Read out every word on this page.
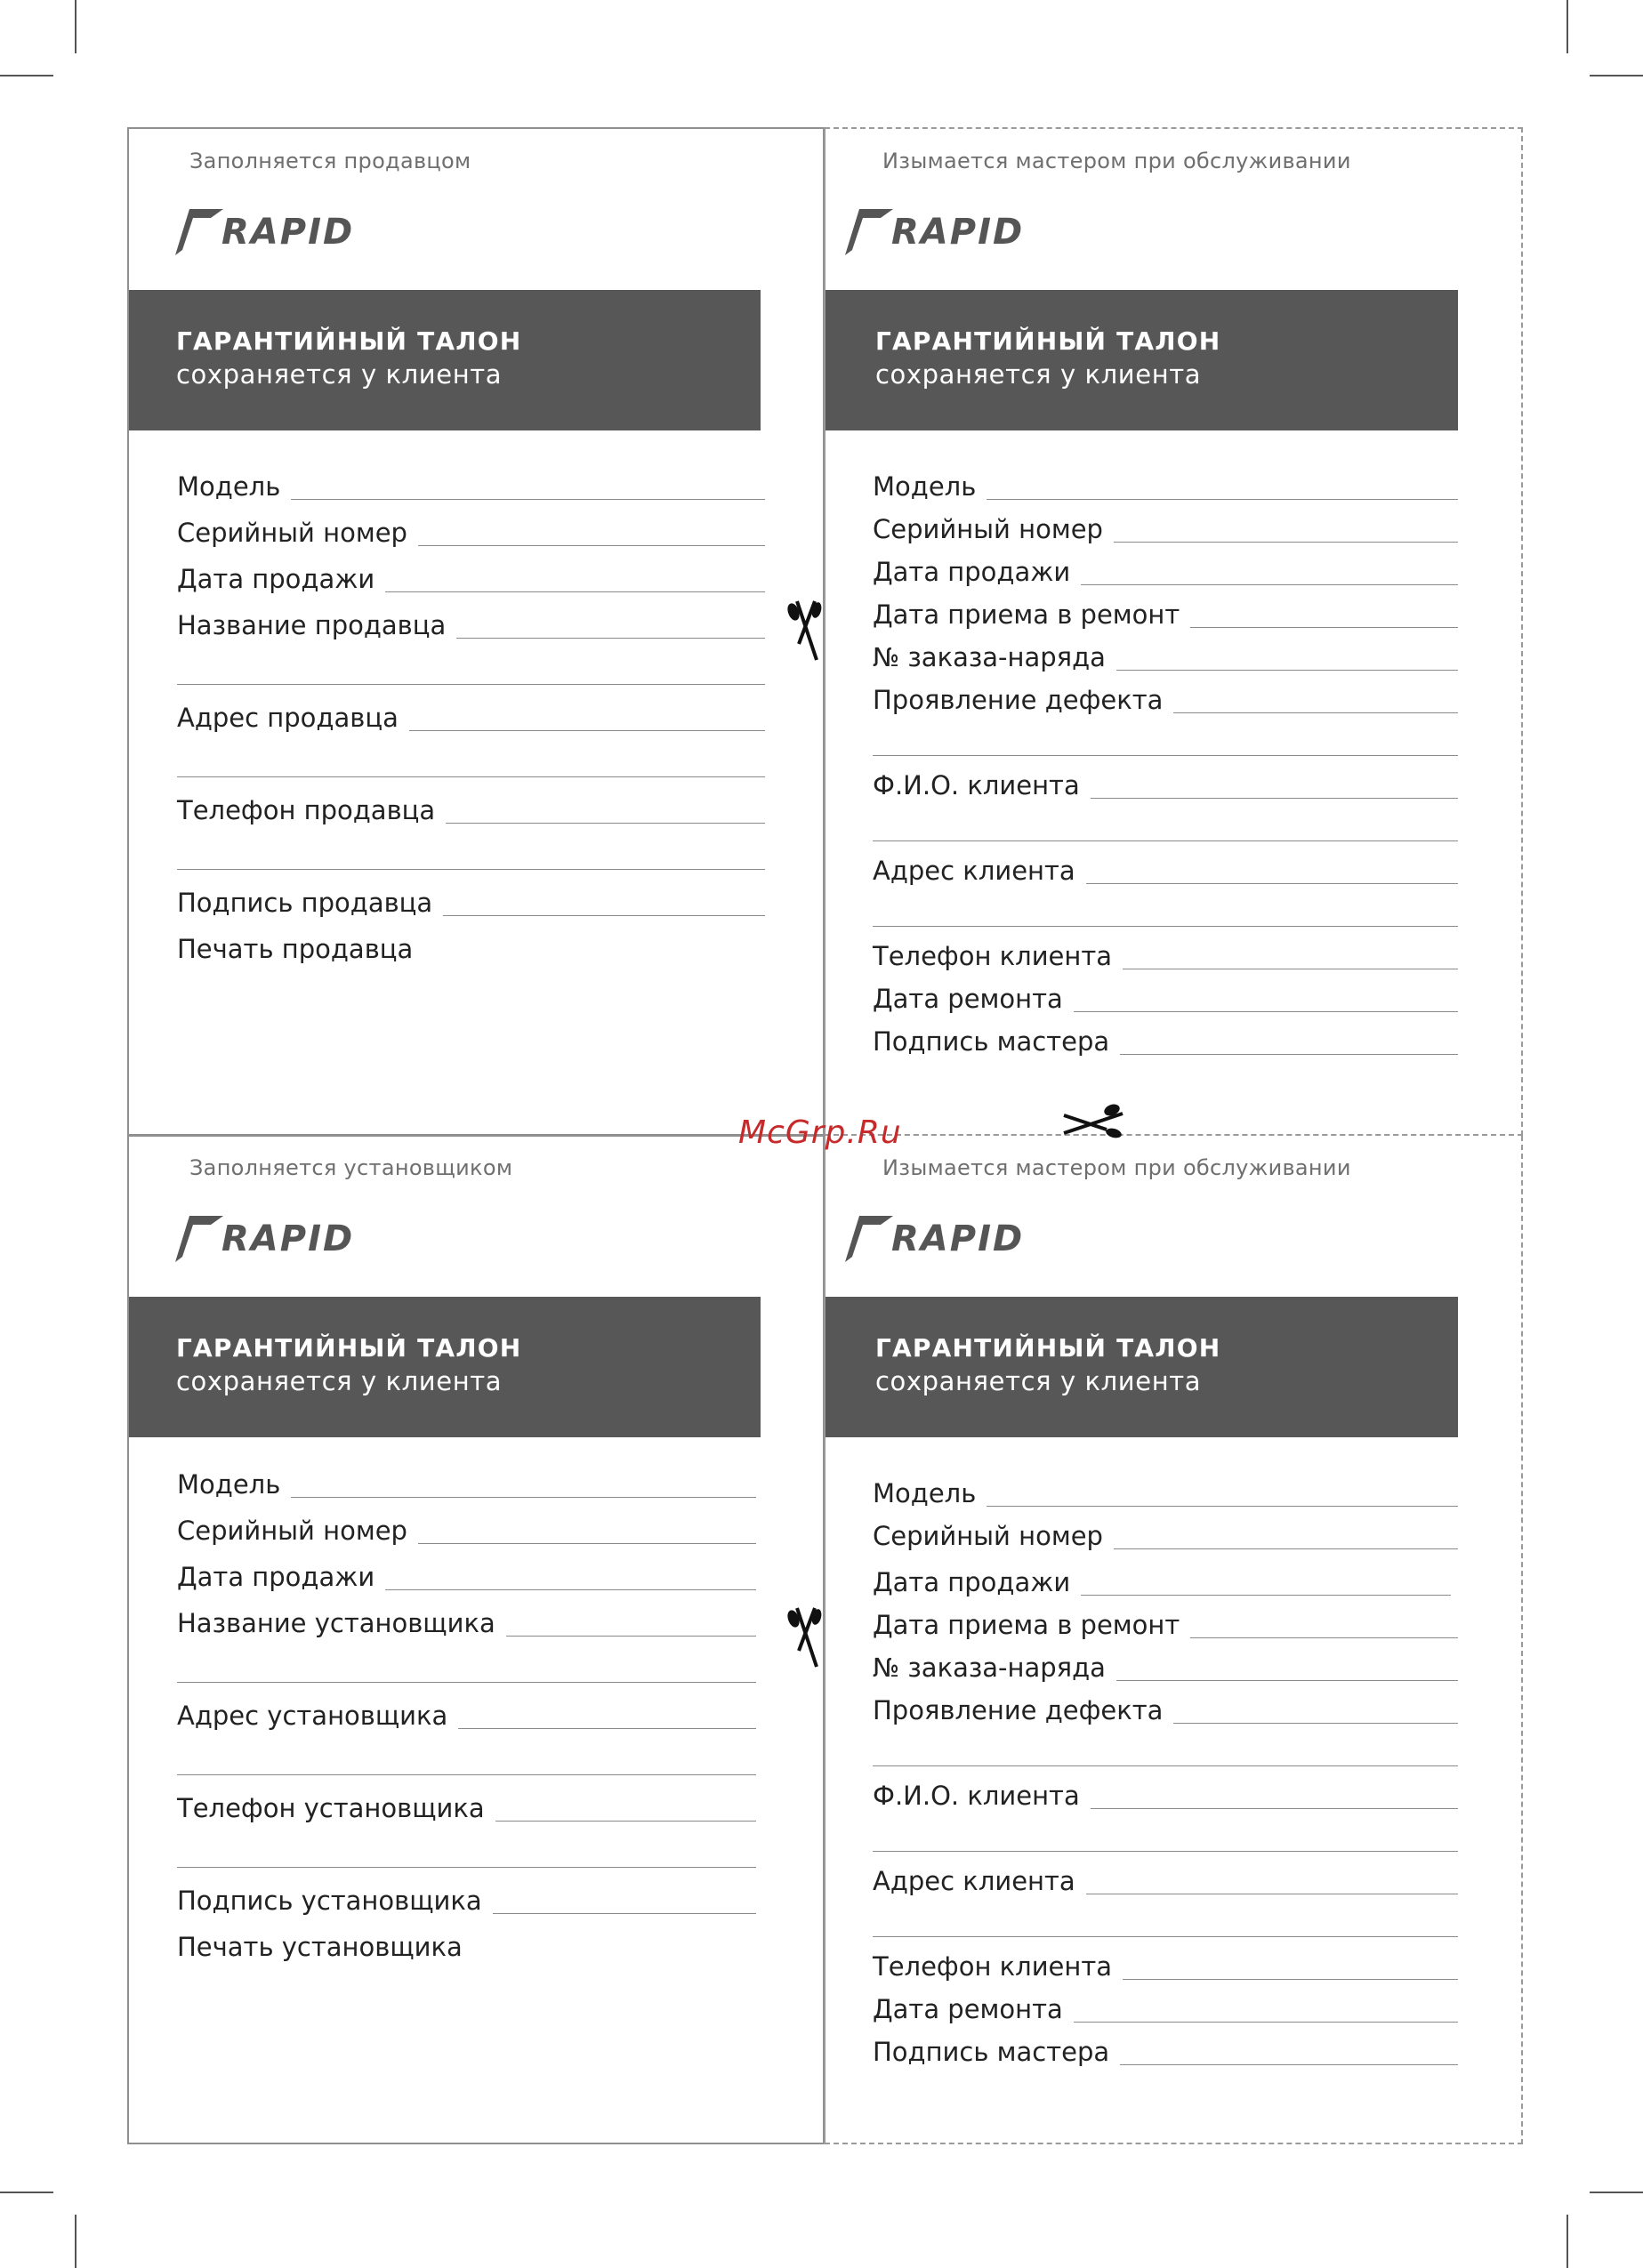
Заполняется продавцом
RAPID
ГАРАНТИЙНЫЙ ТАЛОН
сохраняется у клиента
Модель
Серийный номер
Дата продажи
Название продавца
Адрес продавца
Телефон продавца
Подпись продавца
Печать продавца
Изымается мастером при обслуживании
RAPID
ГАРАНТИЙНЫЙ ТАЛОН
сохраняется у клиента
Модель
Серийный номер
Дата продажи
Дата приема в ремонт
№ заказа-наряда
Проявление дефекта
Ф.И.О. клиента
Адрес клиента
Телефон клиента
Дата ремонта
Подпись мастера
Заполняется установщиком
RAPID
ГАРАНТИЙНЫЙ ТАЛОН
сохраняется у клиента
Модель
Серийный номер
Дата продажи
Название установщика
Адрес установщика
Телефон установщика
Подпись установщика
Печать установщика
Изымается мастером при обслуживании
RAPID
ГАРАНТИЙНЫЙ ТАЛОН
сохраняется у клиента
Модель
Серийный номер
Дата продажи
Дата приема в ремонт
№ заказа-наряда
Проявление дефекта
Ф.И.О. клиента
Адрес клиента
Телефон клиента
Дата ремонта
Подпись мастера
McGrp.Ru
